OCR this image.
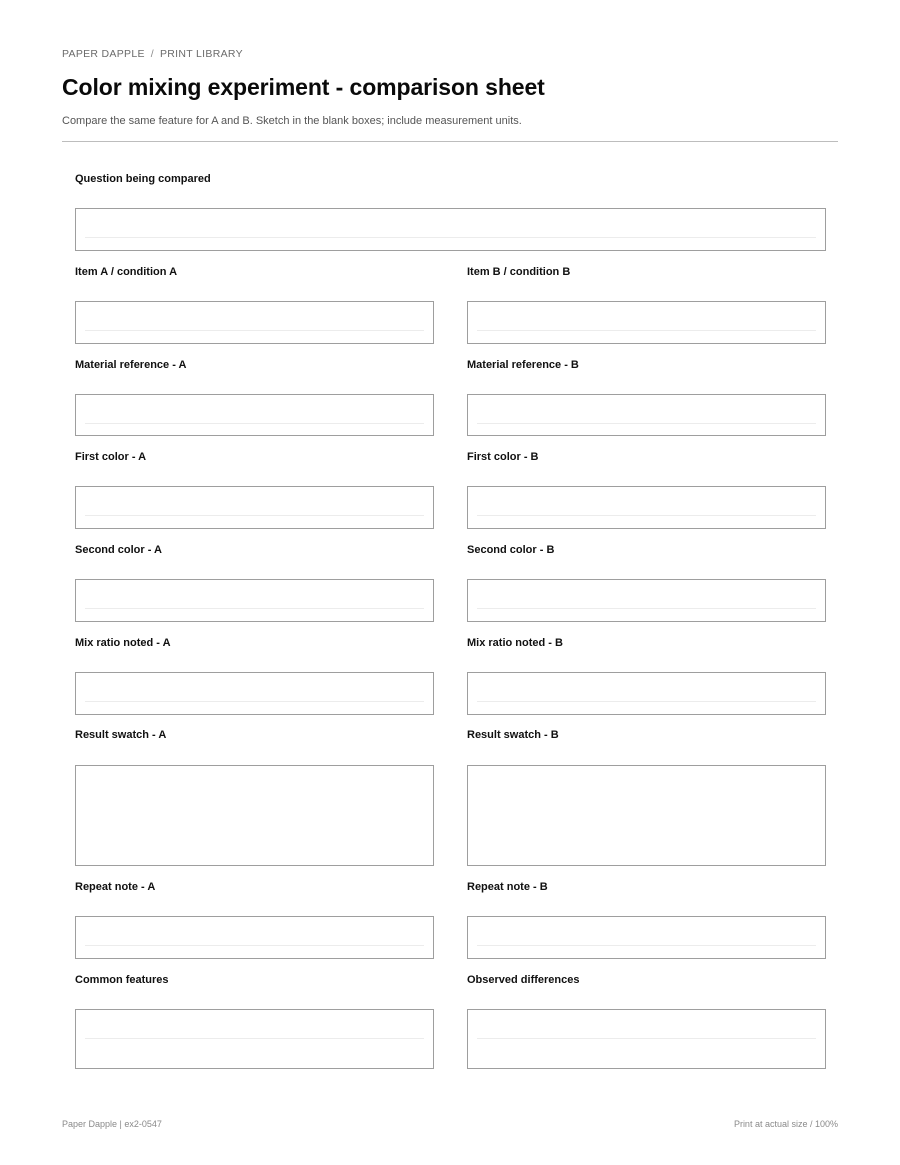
PAPER DAPPLE / PRINT LIBRARY
Color mixing experiment - comparison sheet
Compare the same feature for A and B. Sketch in the blank boxes; include measurement units.
Question being compared
Item A / condition A	Item B / condition B
Material reference - A	Material reference - B
First color - A	First color - B
Second color - A	Second color - B
Mix ratio noted - A	Mix ratio noted - B
Result swatch - A	Result swatch - B
Repeat note - A	Repeat note - B
Common features	Observed differences
Paper Dapple | ex2-0547	Print at actual size / 100%
